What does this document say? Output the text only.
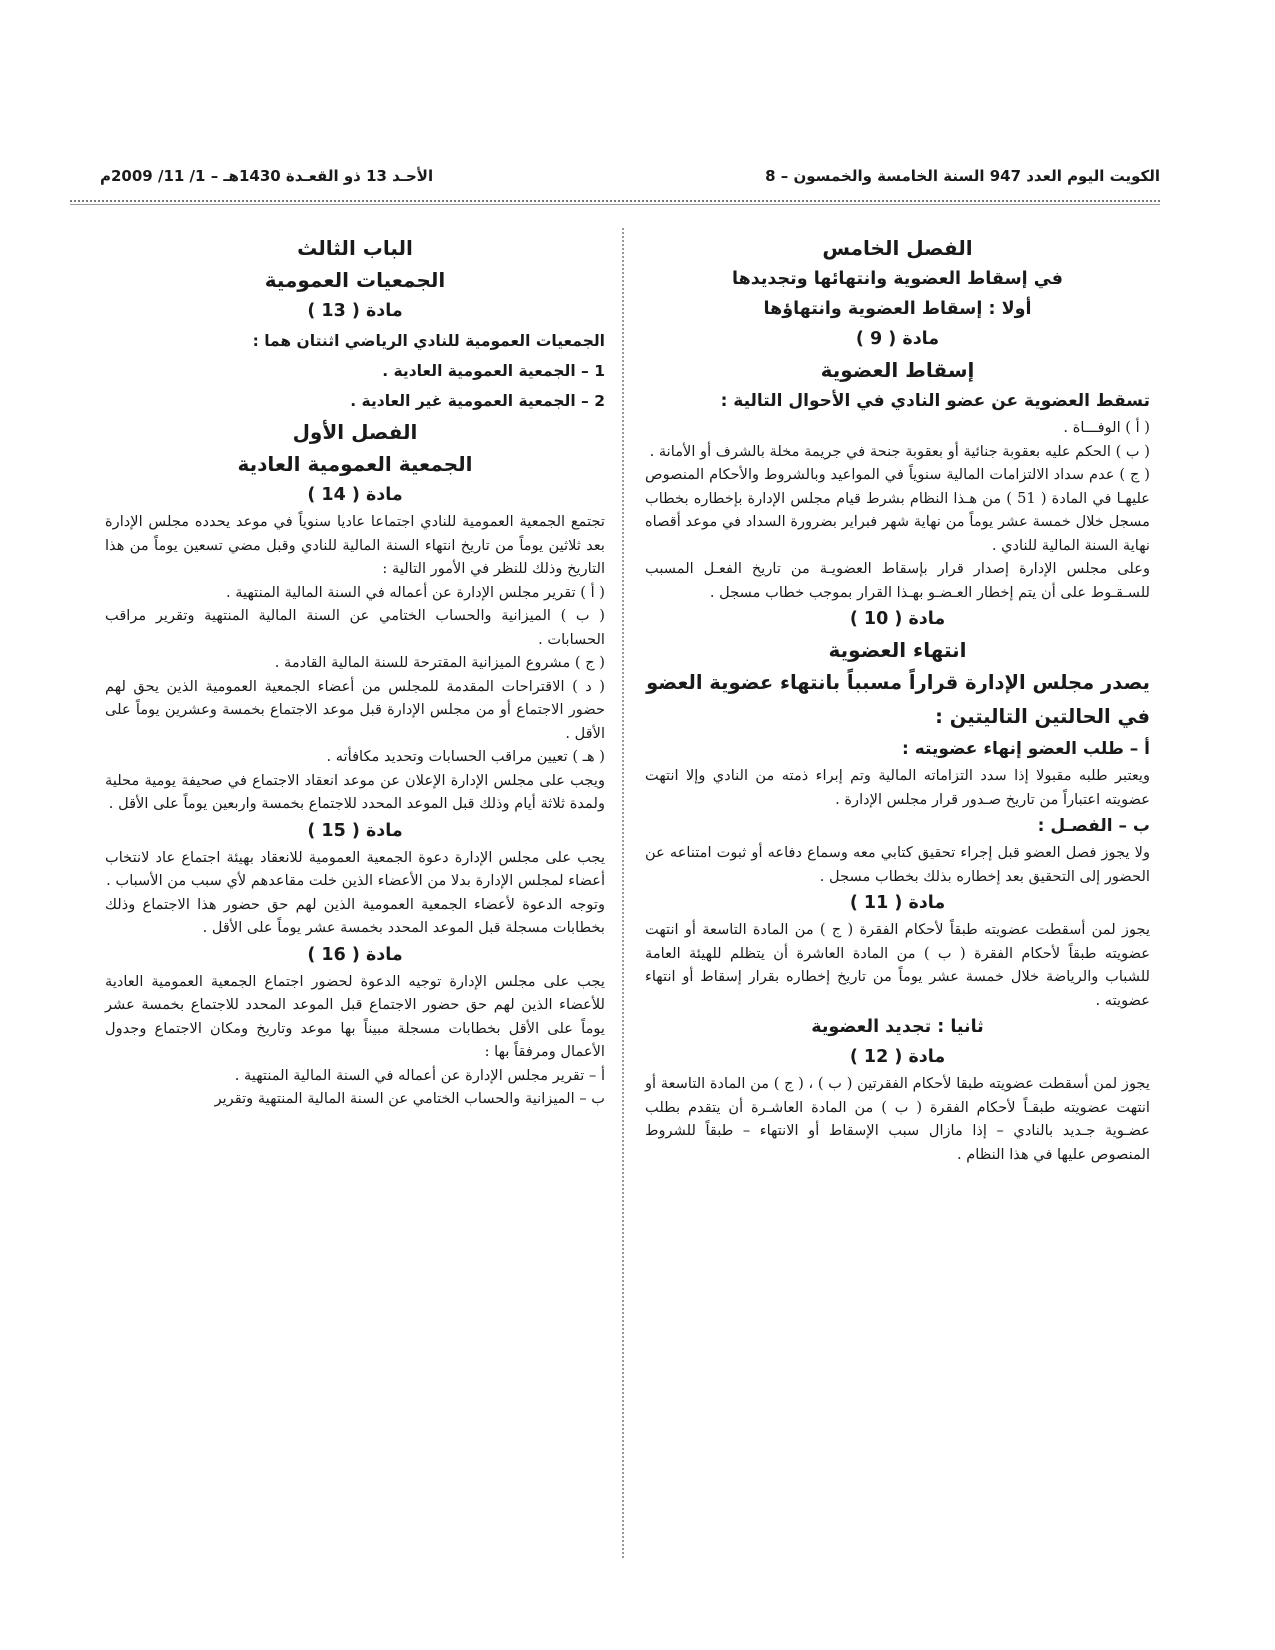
الكويت اليوم العدد 947 السنة الخامسة والخمسون – 8
الأحـد 13 ذو القعـدة 1430هـ – 1/ 11/ 2009م

الفصل الخامس

في إسقاط العضوية وانتهائها وتجديدها

أولا : إسقاط العضوية وانتهاؤها

مادة ( 9 )

إسقاط العضوية

تسقط العضوية عن عضو النادي في الأحوال التالية :

( أ ) الوفـــاة .

( ب ) الحكم عليه بعقوبة جنائية أو بعقوبة جنحة في جريمة مخلة بالشرف أو الأمانة .

( ج ) عدم سداد الالتزامات المالية سنوياً في المواعيد وبالشروط والأحكام المنصوص عليهـا في المادة ( 51 ) من هـذا النظام بشرط قيام مجلس الإدارة بإخطاره بخطاب مسجل خلال خمسة عشر يوماً من نهاية شهر فبراير بضرورة السداد في موعد أقصاه نهاية السنة المالية للنادي .

وعلى مجلس الإدارة إصدار قرار بإسقاط العضويـة من تاريخ الفعـل المسبب للسـقـوط على أن يتم إخطار العـضـو بهـذا القرار بموجب خطاب مسجل .

مادة ( 10 )

انتهاء العضوية

يصدر مجلس الإدارة قراراً مسبباً بانتهاء عضوية العضو في الحالتين التاليتين :

أ – طلب العضو إنهاء عضويته :

ويعتبر طلبه مقبولا إذا سدد التزاماته المالية وتم إبراء ذمته من النادي وإلا انتهت عضويته اعتباراً من تاريخ صـدور قرار مجلس الإدارة .

ب – الفصـل :

ولا يجوز فصل العضو قبل إجراء تحقيق كتابي معه وسماع دفاعه أو ثبوت امتناعه عن الحضور إلى التحقيق بعد إخطاره بذلك بخطاب مسجل .

مادة ( 11 )

يجوز لمن أسقطت عضويته طبقاً لأحكام الفقرة ( ج ) من المادة التاسعة أو انتهت عضويته طبقاً لأحكام الفقرة ( ب ) من المادة العاشرة أن يتظلم للهيئة العامة للشباب والرياضة خلال خمسة عشر يوماً من تاريخ إخطاره بقرار إسقاط أو انتهاء عضويته .

ثانيا : تجديد العضوية

مادة ( 12 )

يجوز لمن أسقطت عضويته طبقا لأحكام الفقرتين ( ب ) ، ( ج ) من المادة التاسعة أو انتهت عضويته طبقـاً لأحكام الفقرة ( ب ) من المادة العاشـرة أن يتقدم بطلب عضـوية جـديد بالنادي – إذا مازال سبب الإسقاط أو الانتهاء – طبقاً للشروط المنصوص عليها في هذا النظام .

الباب الثالث

الجمعيات العمومية

مادة ( 13 )

الجمعيات العمومية للنادي الرياضي اثنتان هما :

1 – الجمعية العمومية العادية .

2 – الجمعية العمومية غير العادية .

الفصل الأول

الجمعية العمومية العادية

مادة ( 14 )

تجتمع الجمعية العمومية للنادي اجتماعا عاديا سنوياً في موعد يحدده مجلس الإدارة بعد ثلاثين يوماً من تاريخ انتهاء السنة المالية للنادي وقبل مضي تسعين يوماً من هذا التاريخ وذلك للنظر في الأمور التالية :

( أ ) تقرير مجلس الإدارة عن أعماله في السنة المالية المنتهية .

( ب ) الميزانية والحساب الختامي عن السنة المالية المنتهية وتقرير مراقب الحسابات .

( ج ) مشروع الميزانية المقترحة للسنة المالية القادمة .

( د ) الاقتراحات المقدمة للمجلس من أعضاء الجمعية العمومية الذين يحق لهم حضور الاجتماع أو من مجلس الإدارة قبل موعد الاجتماع بخمسة وعشرين يوماً على الأقل .

( هـ ) تعيين مراقب الحسابات وتحديد مكافأته .

ويجب على مجلس الإدارة الإعلان عن موعد انعقاد الاجتماع في صحيفة يومية محلية ولمدة ثلاثة أيام وذلك قبل الموعد المحدد للاجتماع بخمسة واربعين يوماً على الأقل .

مادة ( 15 )

يجب على مجلس الإدارة دعوة الجمعية العمومية للانعقاد بهيئة اجتماع عاد لانتخاب أعضاء لمجلس الإدارة بدلا من الأعضاء الذين خلت مقاعدهم لأي سبب من الأسباب .

وتوجه الدعوة لأعضاء الجمعية العمومية الذين لهم حق حضور هذا الاجتماع وذلك بخطابات مسجلة قبل الموعد المحدد بخمسة عشر يوماً على الأقل .

مادة ( 16 )

يجب على مجلس الإدارة توجيه الدعوة لحضور اجتماع الجمعية العمومية العادية للأعضاء الذين لهم حق حضور الاجتماع قبل الموعد المحدد للاجتماع بخمسة عشر يوماً على الأقل بخطابات مسجلة مبيناً بها موعد وتاريخ ومكان الاجتماع وجدول الأعمال ومرفقاً بها :

أ – تقرير مجلس الإدارة عن أعماله في السنة المالية المنتهية .

ب – الميزانية والحساب الختامي عن السنة المالية المنتهية وتقرير
